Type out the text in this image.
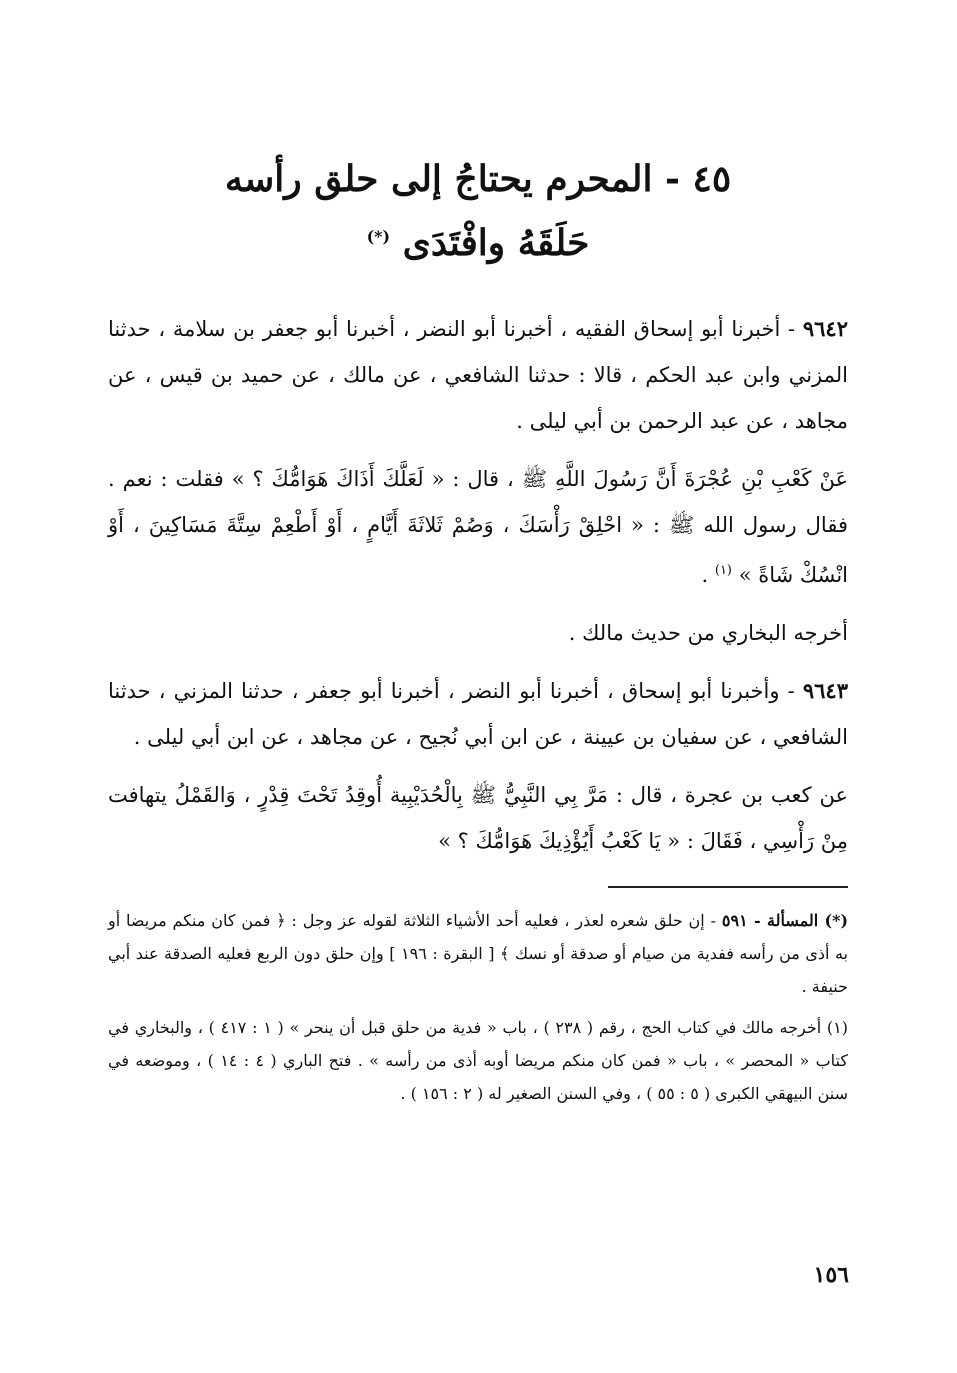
٤٥ - المحرم يحتاجُ إلى حلق رأسه
حَلَقَهُ وافْتَدَى (*)

٩٦٤٢ - أخبرنا أبو إسحاق الفقيه ، أخبرنا أبو النضر ، أخبرنا أبو جعفر بن سلامة ، حدثنا المزني وابن عبد الحكم ، قالا : حدثنا الشافعي ، عن مالك ، عن حميد بن قيس ، عن مجاهد ، عن عبد الرحمن بن أبي ليلى .

عَنْ كَعْبِ بْنِ عُجْرَةَ أَنَّ رَسُولَ اللَّهِ ﷺ ، قال : « لَعَلَّكَ أَذَاكَ هَوَامُّكَ ؟ » فقلت : نعم . فقال رسول الله ﷺ : « احْلِقْ رَأْسَكَ ، وَصُمْ ثَلاثَةَ أَيَّامٍ ، أَوْ أَطْعِمْ سِتَّةَ مَسَاكِينَ ، أَوْ انْسُكْ شَاةً » $^{(١)}$ .

أخرجه البخاري من حديث مالك .

٩٦٤٣ - وأخبرنا أبو إسحاق ، أخبرنا أبو النضر ، أخبرنا أبو جعفر ، حدثنا المزني ، حدثنا الشافعي ، عن سفيان بن عيينة ، عن ابن أبي نُجيح ، عن مجاهد ، عن ابن أبي ليلى .

عن كعب بن عجرة ، قال : مَرَّ بِي النَّبِيُّ ﷺ بِالْحُدَيْبِية أُوقِدُ تَحْتَ قِدْرٍ ، وَالقَمْلُ يتهافت مِنْ رَأْسِي ، فَقَالَ : « يَا كَعْبُ أَيُؤْذِيكَ هَوَامُّكَ ؟ »

(*) المسألة - ٥٩١ - إن حلق شعره لعذر ، فعليه أحد الأشياء الثلاثة لقوله عز وجل : ﴿ فمن كان منكم مريضا أو به أذى من رأسه ففدية من صيام أو صدقة أو نسك ﴾ [ البقرة : ١٩٦ ] وإن حلق دون الربع فعليه الصدقة عند أبي حنيفة .

(١) أخرجه مالك في كتاب الحج ، رقم ( ٢٣٨ ) ، باب « فدية من حلق قبل أن ينحر » ( ١ : ٤١٧ ) ، والبخاري في كتاب « المحصر » ، باب « فمن كان منكم مريضا أوبه أذى من رأسه » . فتح الباري ( ٤ : ١٤ ) ، وموضعه في سنن البيهقي الكبرى ( ٥ : ٥٥ ) ، وفي السنن الصغير له ( ٢ : ١٥٦ ) .

١٥٦
